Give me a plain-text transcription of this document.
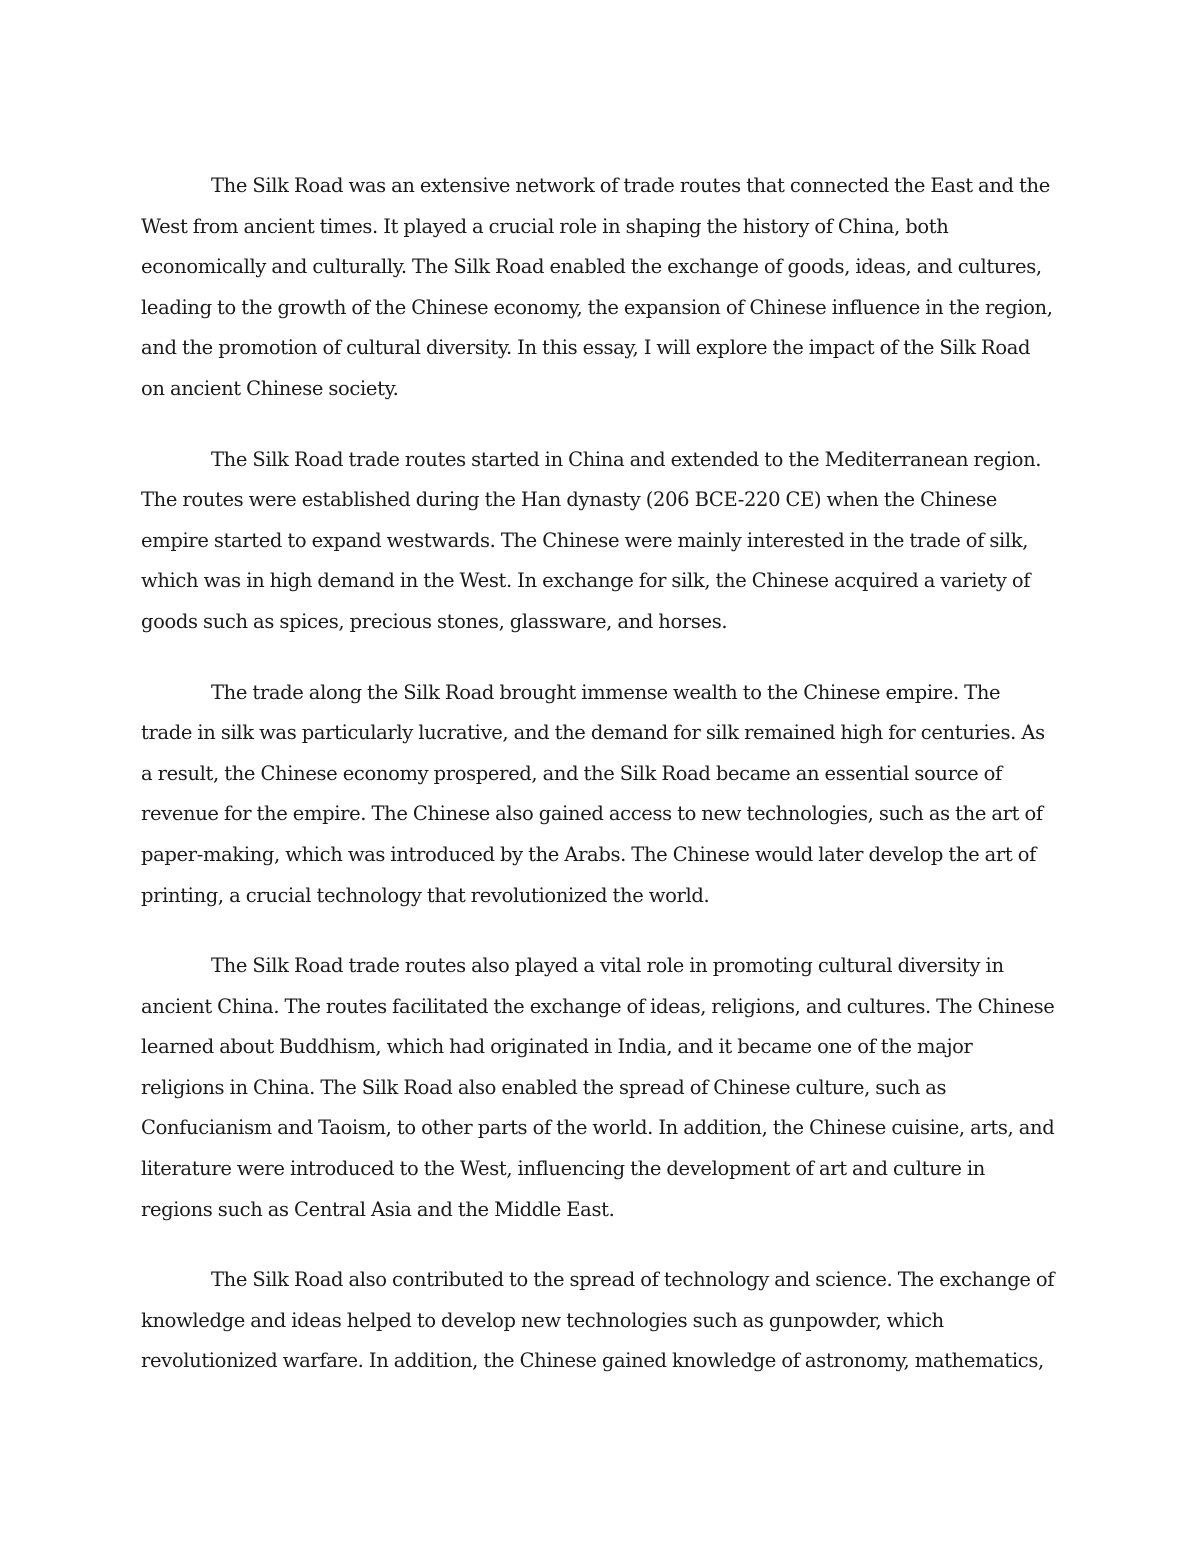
The Silk Road was an extensive network of trade routes that connected the East and the West from ancient times. It played a crucial role in shaping the history of China, both economically and culturally. The Silk Road enabled the exchange of goods, ideas, and cultures, leading to the growth of the Chinese economy, the expansion of Chinese influence in the region, and the promotion of cultural diversity. In this essay, I will explore the impact of the Silk Road on ancient Chinese society.

The Silk Road trade routes started in China and extended to the Mediterranean region. The routes were established during the Han dynasty (206 BCE-220 CE) when the Chinese empire started to expand westwards. The Chinese were mainly interested in the trade of silk, which was in high demand in the West. In exchange for silk, the Chinese acquired a variety of goods such as spices, precious stones, glassware, and horses.

The trade along the Silk Road brought immense wealth to the Chinese empire. The trade in silk was particularly lucrative, and the demand for silk remained high for centuries. As a result, the Chinese economy prospered, and the Silk Road became an essential source of revenue for the empire. The Chinese also gained access to new technologies, such as the art of paper-making, which was introduced by the Arabs. The Chinese would later develop the art of printing, a crucial technology that revolutionized the world.

The Silk Road trade routes also played a vital role in promoting cultural diversity in ancient China. The routes facilitated the exchange of ideas, religions, and cultures. The Chinese learned about Buddhism, which had originated in India, and it became one of the major religions in China. The Silk Road also enabled the spread of Chinese culture, such as Confucianism and Taoism, to other parts of the world. In addition, the Chinese cuisine, arts, and literature were introduced to the West, influencing the development of art and culture in regions such as Central Asia and the Middle East.

The Silk Road also contributed to the spread of technology and science. The exchange of knowledge and ideas helped to develop new technologies such as gunpowder, which revolutionized warfare. In addition, the Chinese gained knowledge of astronomy, mathematics,
